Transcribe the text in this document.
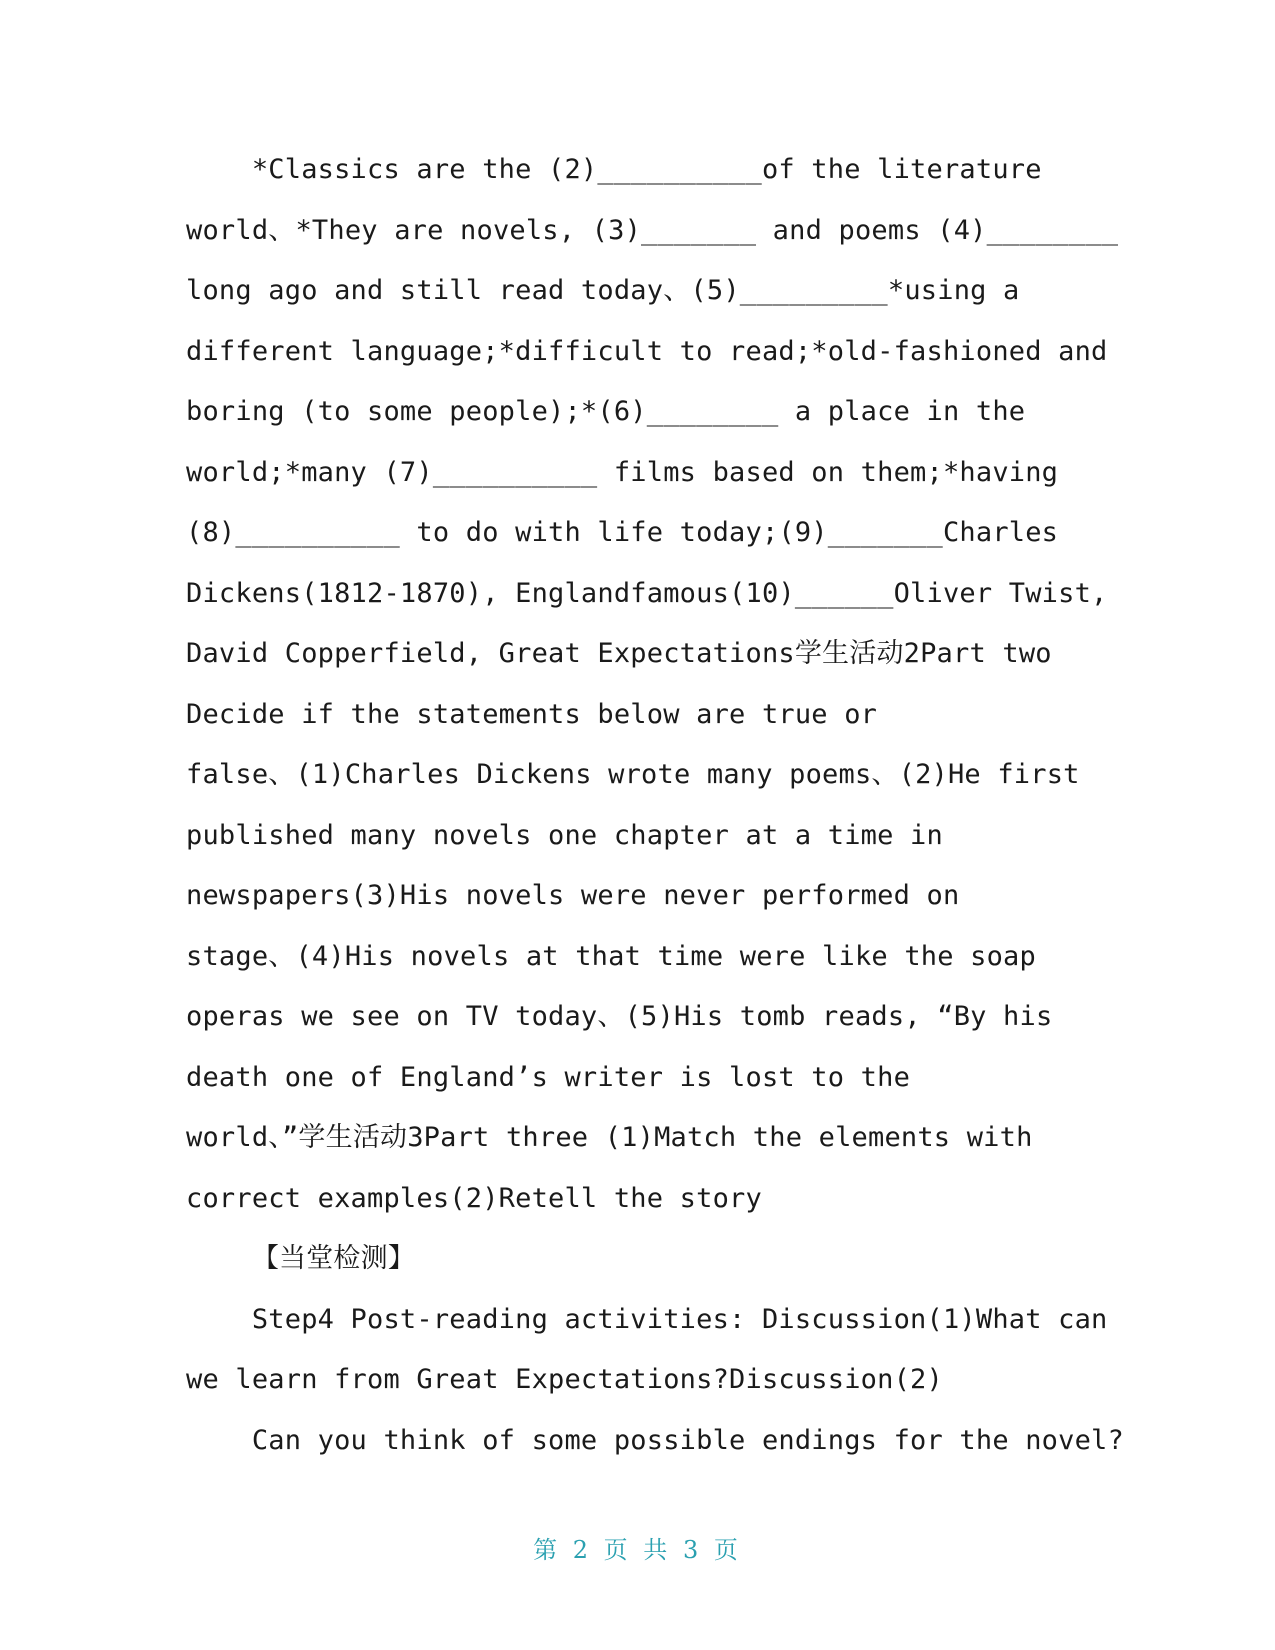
*Classics are the (2)__________of the literature
world、*They are novels, (3)_______ and poems (4)________
long ago and still read today、(5)_________*using a
different language;*difficult to read;*old-fashioned and
boring (to some people);*(6)________ a place in the
world;*many (7)__________ films based on them;*having
(8)__________ to do with life today;(9)_______Charles
Dickens(1812-1870), Englandfamous(10)______Oliver Twist,
David Copperfield, Great Expectations学生活动2Part two
Decide if the statements below are true or
false、(1)Charles Dickens wrote many poems、(2)He first
published many novels one chapter at a time in
newspapers(3)His novels were never performed on
stage、(4)His novels at that time were like the soap
operas we see on TV today、(5)His tomb reads, “By his
death one of England’s writer is lost to the
world、”学生活动3Part three (1)Match the elements with
correct examples(2)Retell the story
【当堂检测】
Step4 Post-reading activities: Discussion(1)What can
we learn from Great Expectations?Discussion(2)
Can you think of some possible endings for the novel?
第 2 页 共 3 页
